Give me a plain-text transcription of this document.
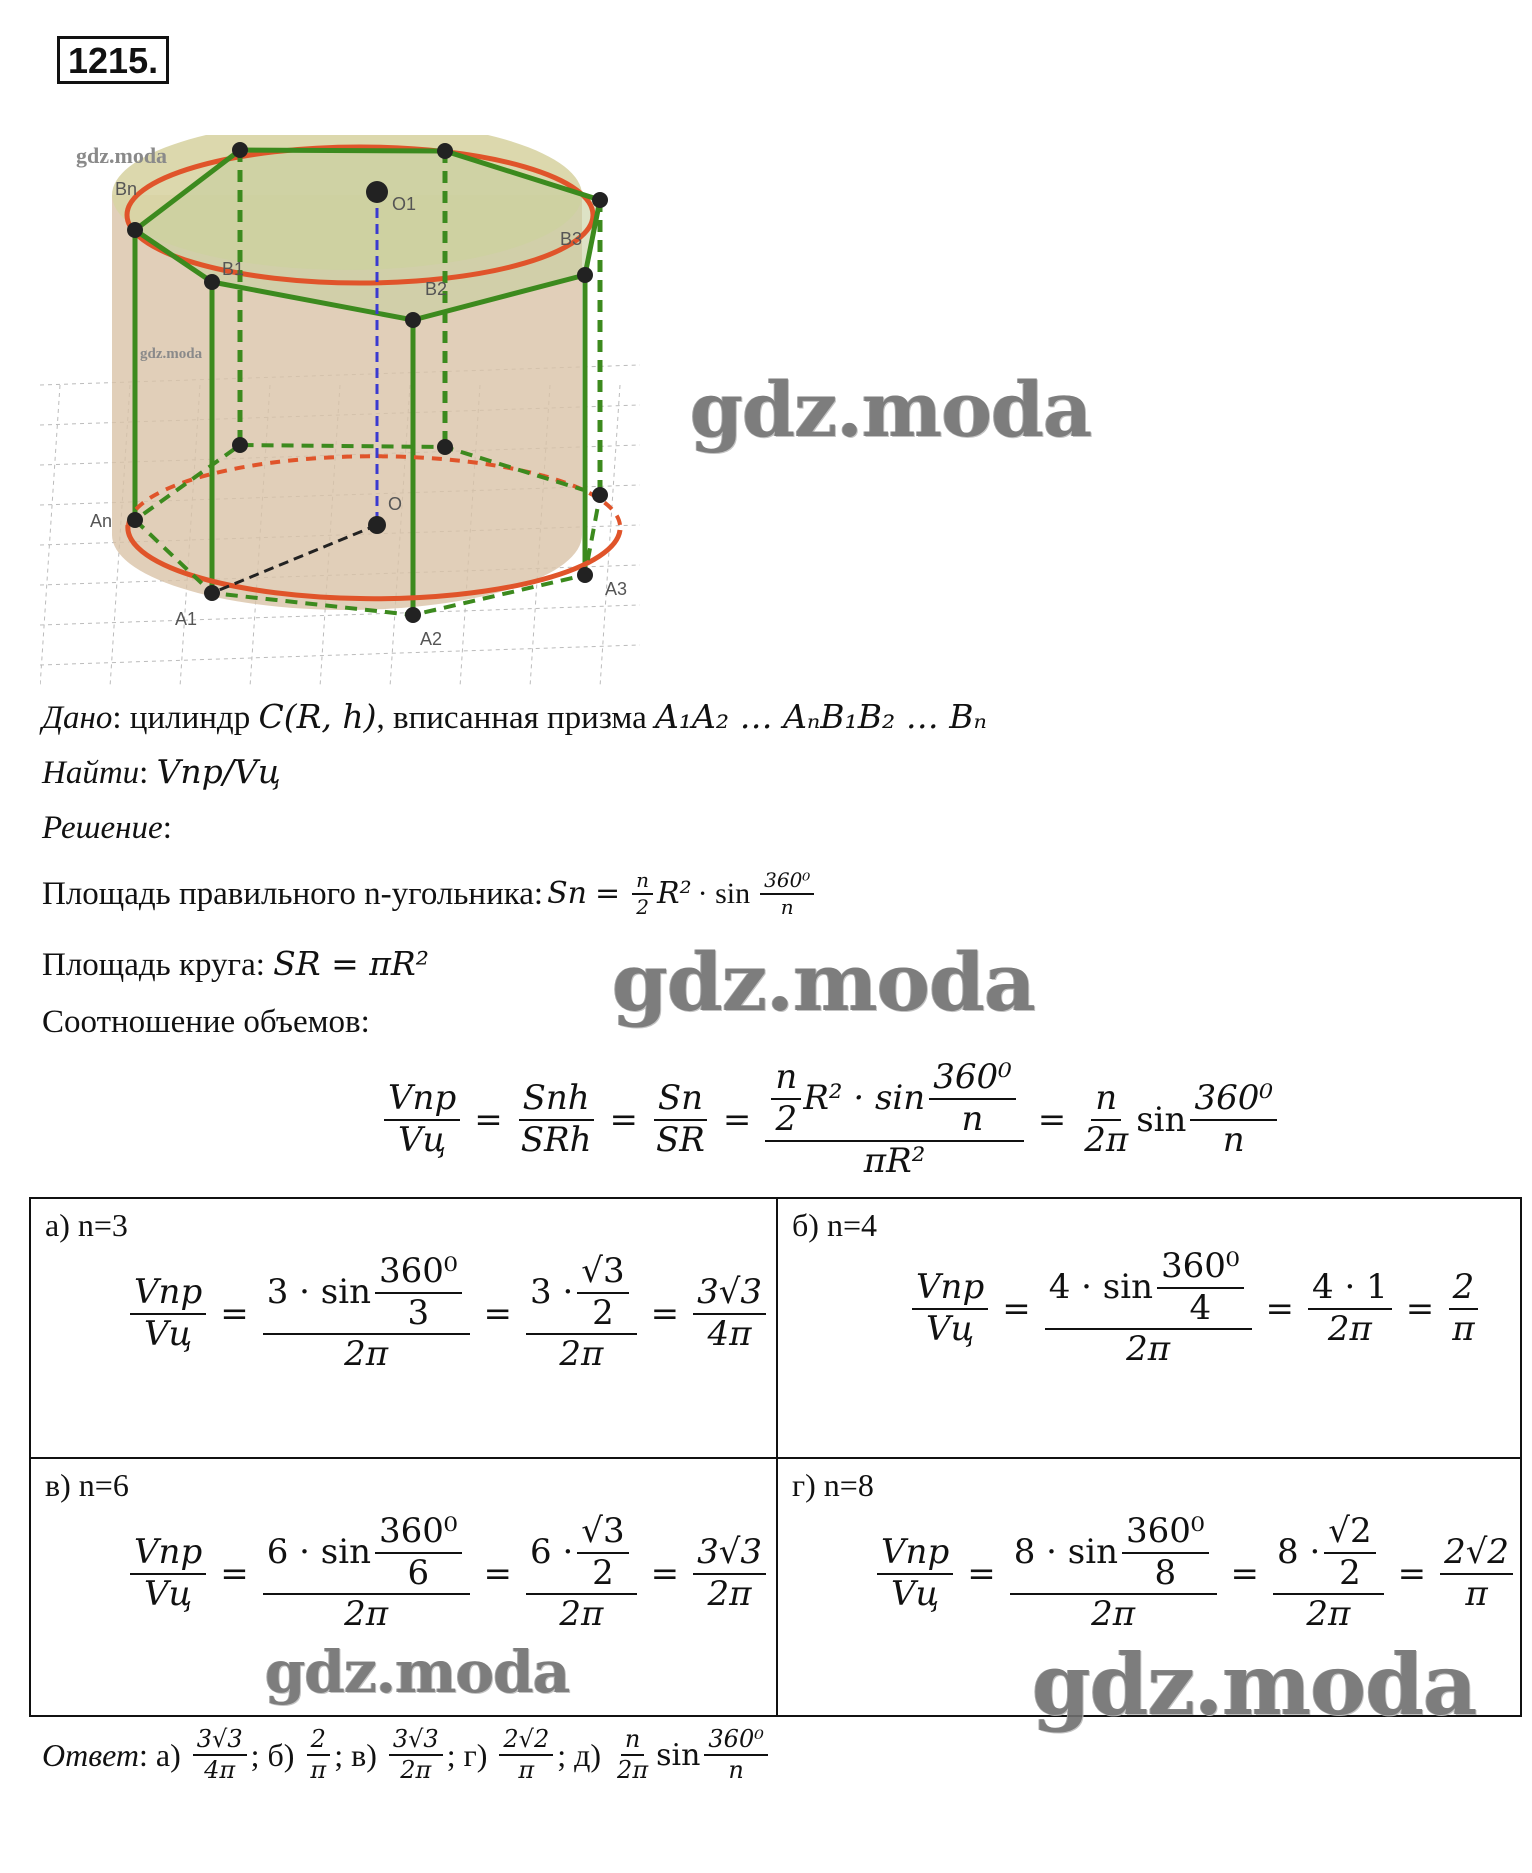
1215.
Bn
B1
B2
B3
O1
O
An
A1
A2
A3
gdz.moda
gdz.moda
gdz.moda
gdz.moda
Дано: цилиндр C(R, h), вписанная призма A₁A₂ … AₙB₁B₂ … Bₙ
Найти: Vпр/Vц
Решение:
Площадь правильного n-угольника: $Sn = \frac{n}{2} R^2 \cdot \sin \frac{\text{360⁰}}{n}$
Площадь круга: SR = πR²
Соотношение объемов:
$\frac{\text{Vпр}}{Vц} = \frac{\text{Snh}}{\text{SRh}} = \frac{Sn}{SR} = \frac{\frac{n}{2} R^2 \cdot \sin \frac{\text{360⁰}}{n}}{\text{πR²}} = \frac{n}{2\pi}$ $\sin \frac{\text{360⁰}}{n}$
а) n=3
$\frac{\text{Vпр}}{Vц} = \frac{3 \cdot \sin \frac{\text{360⁰}}{3}}{2\pi} = \frac{3 \cdot \frac{√3}{2}}{2\pi} = \frac{3√3}{4\pi}$
б) n=4
$\frac{\text{Vпр}}{Vц} = \frac{4 \cdot \sin \frac{\text{360⁰}}{4}}{2\pi} = \frac{4 \cdot 1}{2\pi} = \frac{2}{\pi}$
в) n=6
$\frac{\text{Vпр}}{Vц} = \frac{6 \cdot \sin \frac{\text{360⁰}}{6}}{2\pi} = \frac{6 \cdot \frac{√3}{2}}{2\pi} = \frac{3√3}{2\pi}$
г) n=8
$\frac{\text{Vпр}}{Vц} = \frac{8 \cdot \sin \frac{\text{360⁰}}{8}}{2\pi} = \frac{8 \cdot \frac{√2}{2}}{2\pi} = \frac{2√2}{\pi}$
gdz.moda	gdz.moda
Ответ : $а) \frac{3√3}{4\pi}$ ; $б) \frac{2}{\pi}$ ; $в) \frac{3√3}{2\pi}$ ; $г) \frac{2√2}{\pi}$ ; $д) \frac{n}{2\pi}$ $\sin \frac{\text{360⁰}}{n}$
